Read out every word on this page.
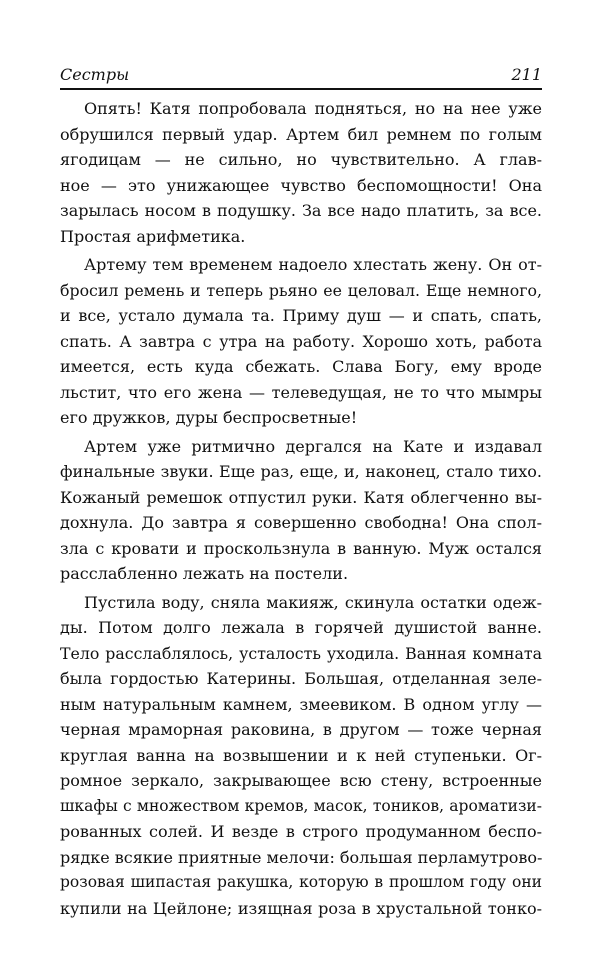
Сестры	211
Опять! Катя попробовала подняться, но на нее уже
обрушился первый удар. Артем бил ремнем по голым
ягодицам — не сильно, но чувствительно. А глав-
ное — это унижающее чувство беспомощности! Она
зарылась носом в подушку. За все надо платить, за все.
Простая арифметика.
Артему тем временем надоело хлестать жену. Он от-
бросил ремень и теперь рьяно ее целовал. Еще немного,
и все, устало думала та. Приму душ — и спать, спать,
спать. А завтра с утра на работу. Хорошо хоть, работа
имеется, есть куда сбежать. Слава Богу, ему вроде
льстит, что его жена — телеведущая, не то что мымры
его дружков, дуры беспросветные!
Артем уже ритмично дергался на Кате и издавал
финальные звуки. Еще раз, еще, и, наконец, стало тихо.
Кожаный ремешок отпустил руки. Катя облегченно вы-
дохнула. До завтра я совершенно свободна! Она спол-
зла с кровати и проскользнула в ванную. Муж остался
расслабленно лежать на постели.
Пустила воду, сняла макияж, скинула остатки одеж-
ды. Потом долго лежала в горячей душистой ванне.
Тело расслаблялось, усталость уходила. Ванная комната
была гордостью Катерины. Большая, отделанная зеле-
ным натуральным камнем, змеевиком. В одном углу —
черная мраморная раковина, в другом — тоже черная
круглая ванна на возвышении и к ней ступеньки. Ог-
ромное зеркало, закрывающее всю стену, встроенные
шкафы с множеством кремов, масок, тоников, ароматизи-
рованных солей. И везде в строго продуманном беспо-
рядке всякие приятные мелочи: большая перламутрово-
розовая шипастая ракушка, которую в прошлом году они
купили на Цейлоне; изящная роза в хрустальной тонко-
